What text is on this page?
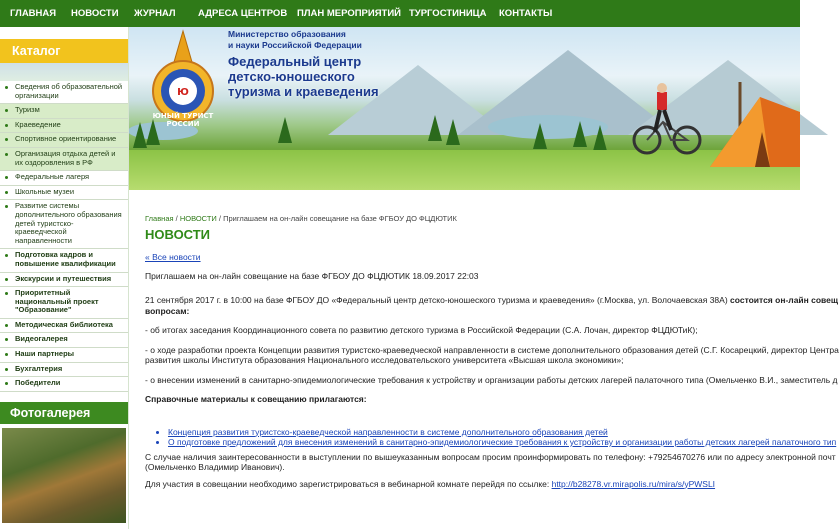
ГЛАВНАЯ НОВОСТИ ЖУРНАЛ АДРЕСА ЦЕНТРОВ ПЛАН МЕРОПРИЯТИЙ ТУРГОСТИНИЦА КОНТАКТЫ
Ю
ЮНЫЙ ТУРИСТ
РОССИИ
Министерство образования
и науки Российской Федерации
Федеральный центр
детско-юношеского
туризма и краеведения
Каталог
Сведения об образовательной организации
Туризм
Краеведение
Спортивное ориентирование
Организация отдыха детей и их оздоровления в РФ
Федеральные лагеря
Школьные музеи
Развитие системы дополнительного образования детей туристско-краеведческой направленности
Подготовка кадров и повышение квалификации
Экскурсии и путешествия
Приоритетный национальный проект "Образование"
Методическая библиотека
Видеогалерея
Наши партнеры
Бухгалтерия
Победители
Фотогалерея
Главная / НОВОСТИ / Приглашаем на он-лайн совещание на базе ФГБОУ ДО ФЦДЮТИК
НОВОСТИ
« Все новости
Приглашаем на он-лайн совещание на базе ФГБОУ ДО ФЦДЮТИК 18.09.2017 22:03
21 сентября 2017 г. в 10:00 на базе ФГБОУ ДО «Федеральный центр детско-юношеского туризма и краеведения» (г.Москва, ул. Волочаевская 38А) состоится он-лайн совещ
вопросам:
- об итогах заседания Координационного совета по развитию детского туризма в Российской Федерации (С.А. Лочан, директор ФЦДЮТиК);
- о ходе разработки проекта Концепции развития туристско-краеведческой направленности в системе дополнительного образования детей (С.Г. Косарецкий, директор Центра
развития школы Института образования Национального исследовательского университета «Высшая школа экономики»;
- о внесении изменений в санитарно-эпидемиологические требования к устройству и организации работы детских лагерей палаточного типа (Омельченко В.И., заместитель д
Справочные материалы к совещанию прилагаются:
• Концепция развития туристско-краеведческой направленности в системе дополнительного образования детей
• О подготовке предложений для внесения изменений в санитарно-эпидемиологические требования к устройству и организации работы детских лагерей палаточного тип
С случае наличия заинтересованности в выступлении по вышеуказанным вопросам просим проинформировать по телефону: +79254670276 или по адресу электронной почт
(Омельченко Владимир Иванович).
Для участия в совещании необходимо зарегистрироваться в вебинарной комнате перейдя по ссылке: http://b28278.vr.mirapolis.ru/mira/s/yPWSLI
